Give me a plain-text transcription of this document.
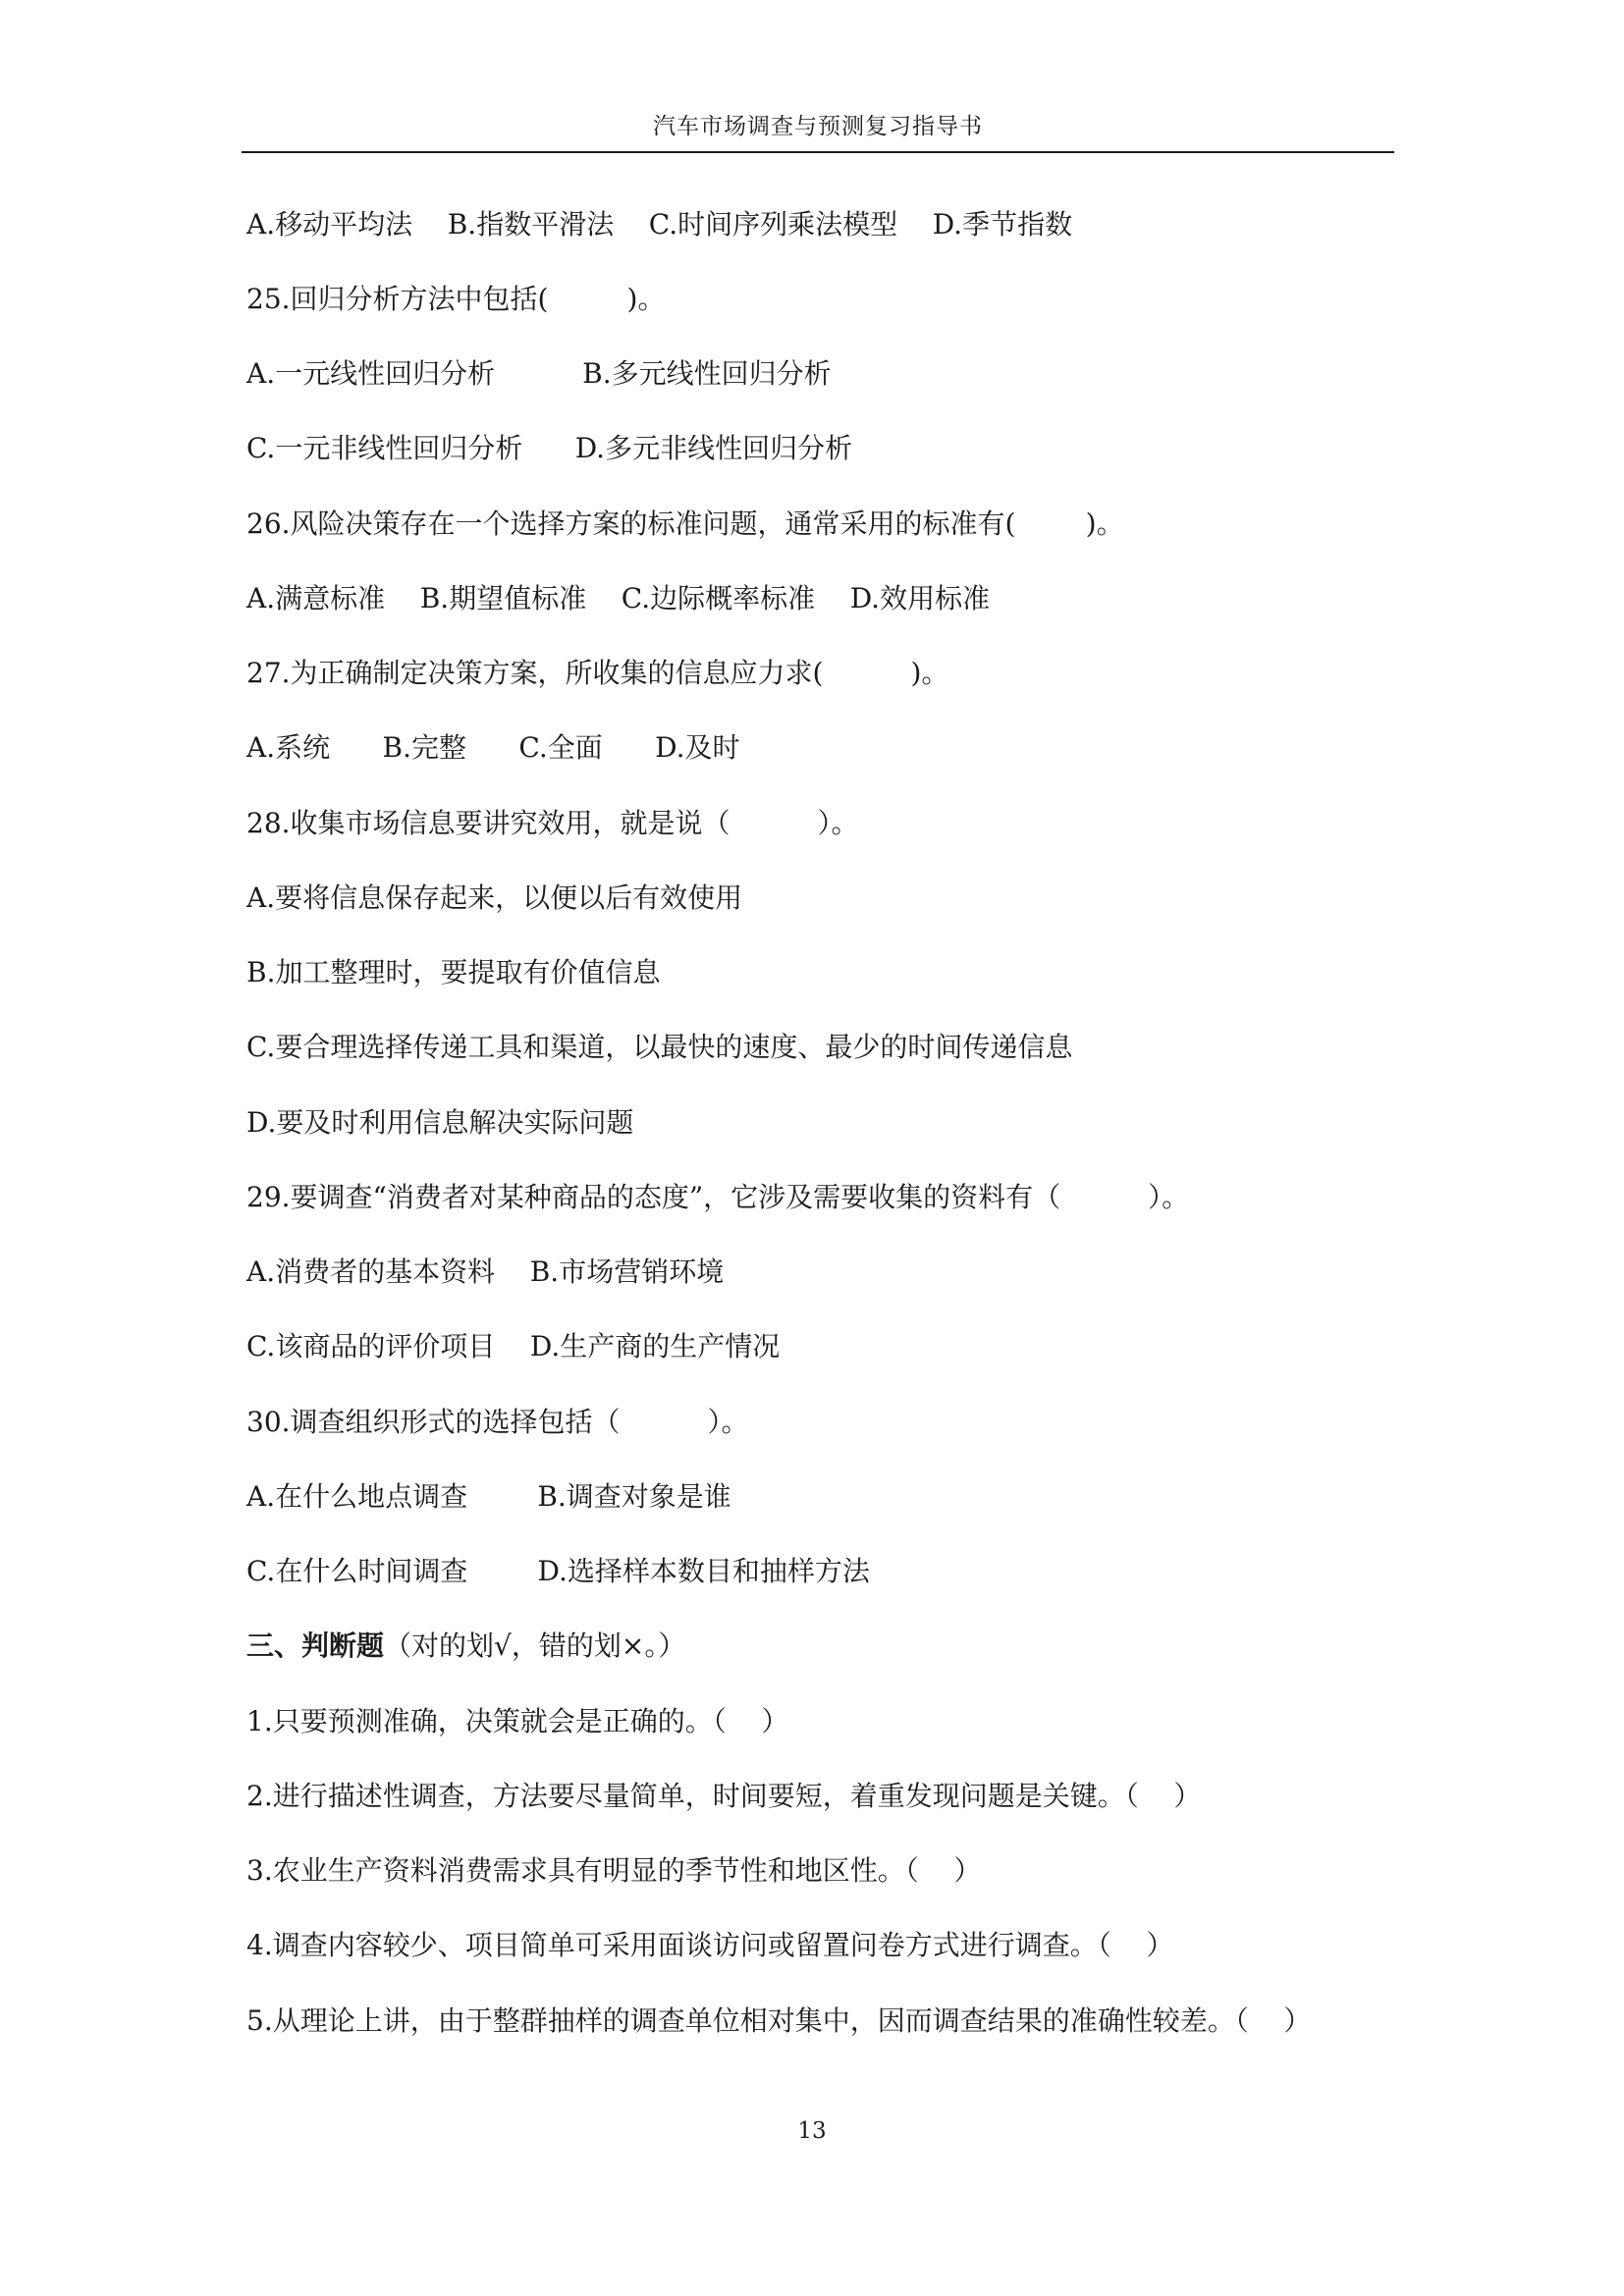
汽车市场调查与预测复习指导书
A.移动平均法    B.指数平滑法    C.时间序列乘法模型    D.季节指数
25.回归分析方法中包括(         )。
A.一元线性回归分析          B.多元线性回归分析
C.一元非线性回归分析      D.多元非线性回归分析
26.风险决策存在一个选择方案的标准问题，通常采用的标准有(        )。
A.满意标准    B.期望值标准    C.边际概率标准    D.效用标准
27.为正确制定决策方案，所收集的信息应力求(          )。
A.系统      B.完整      C.全面      D.及时
28.收集市场信息要讲究效用，就是说（          ）。
A.要将信息保存起来，以便以后有效使用
B.加工整理时，要提取有价值信息
C.要合理选择传递工具和渠道，以最快的速度、最少的时间传递信息
D.要及时利用信息解决实际问题
29.要调查“消费者对某种商品的态度”，它涉及需要收集的资料有（          ）。
A.消费者的基本资料    B.市场营销环境
C.该商品的评价项目    D.生产商的生产情况
30.调查组织形式的选择包括（          ）。
A.在什么地点调查        B.调查对象是谁
C.在什么时间调查        D.选择样本数目和抽样方法
三、判断题（对的划√，错的划×。）
1.只要预测准确，决策就会是正确的。（    ）
2.进行描述性调查，方法要尽量简单，时间要短，着重发现问题是关键。（    ）
3.农业生产资料消费需求具有明显的季节性和地区性。（    ）
4.调查内容较少、项目简单可采用面谈访问或留置问卷方式进行调查。（    ）
5.从理论上讲，由于整群抽样的调查单位相对集中，因而调查结果的准确性较差。（    ）
13
